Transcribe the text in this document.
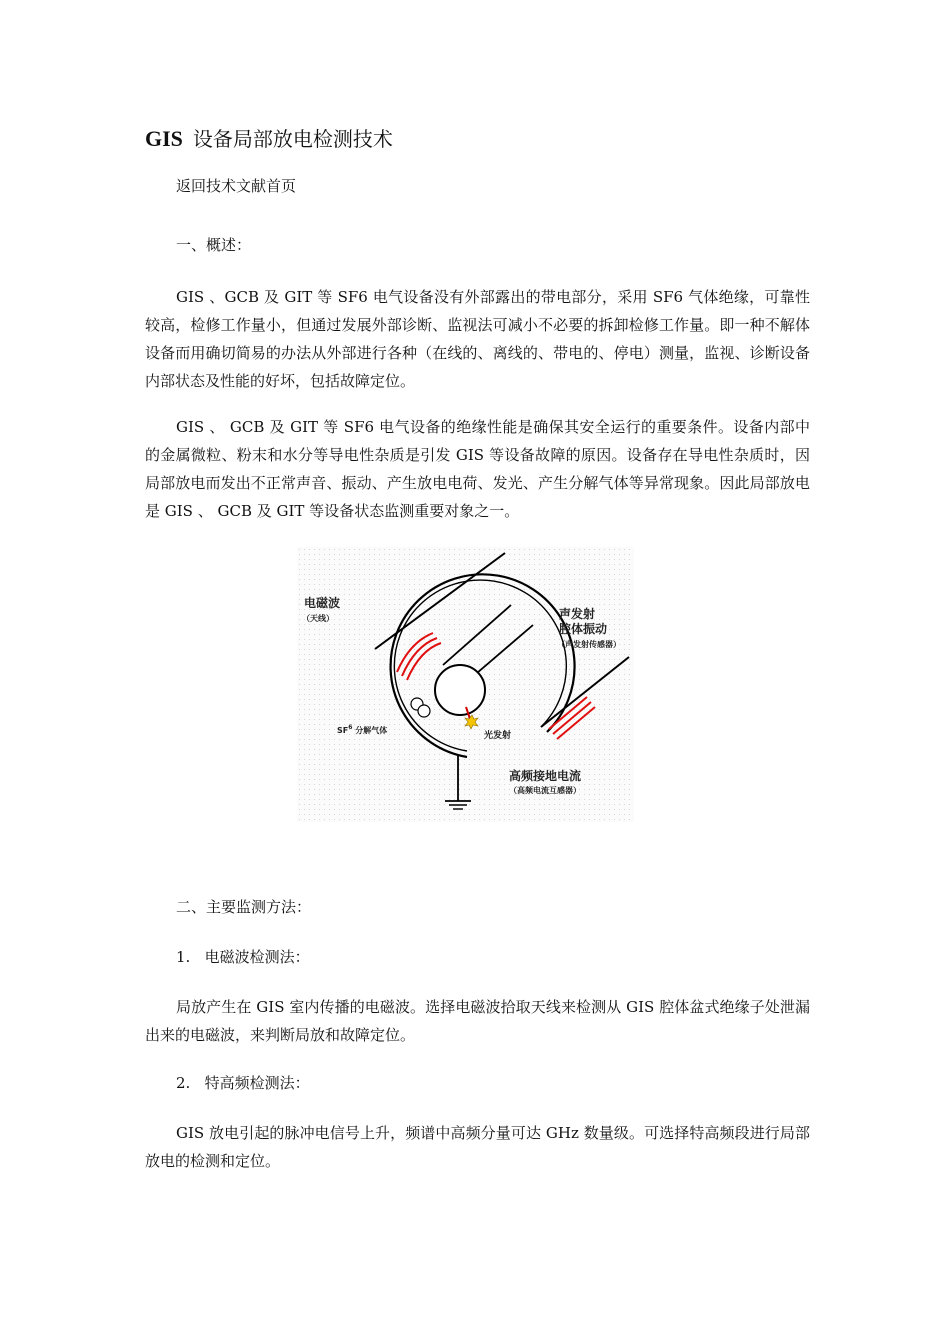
GIS 设备局部放电检测技术
返回技术文献首页
一、概述：
GIS 、GCB 及 GIT 等 SF6 电气设备没有外部露出的带电部分，采用 SF6 气体绝缘，可靠性较高，检修工作量小，但通过发展外部诊断、监视法可减小不必要的拆卸检修工作量。即一种不解体设备而用确切简易的办法从外部进行各种（在线的、离线的、带电的、停电）测量，监视、诊断设备内部状态及性能的好坏，包括故障定位。
GIS 、 GCB 及 GIT 等 SF6 电气设备的绝缘性能是确保其安全运行的重要条件。设备内部中的金属微粒、粉末和水分等导电性杂质是引发 GIS 等设备故障的原因。设备存在导电性杂质时，因局部放电而发出不正常声音、振动、产生放电电荷、发光、产生分解气体等异常现象。因此局部放电是 GIS 、 GCB 及 GIT 等设备状态监测重要对象之一。
电磁波
（天线）	声发射
腔体振动
（声发射传感器）
$SF^6$ 分解气体
光发射
高频接地电流
（高频电流互感器）
二、主要监测方法：
1.   电磁波检测法：
局放产生在 GIS 室内传播的电磁波。选择电磁波拾取天线来检测从 GIS 腔体盆式绝缘子处泄漏出来的电磁波，来判断局放和故障定位。
2.   特高频检测法：
GIS 放电引起的脉冲电信号上升，频谱中高频分量可达 GHz 数量级。可选择特高频段进行局部放电的检测和定位。
